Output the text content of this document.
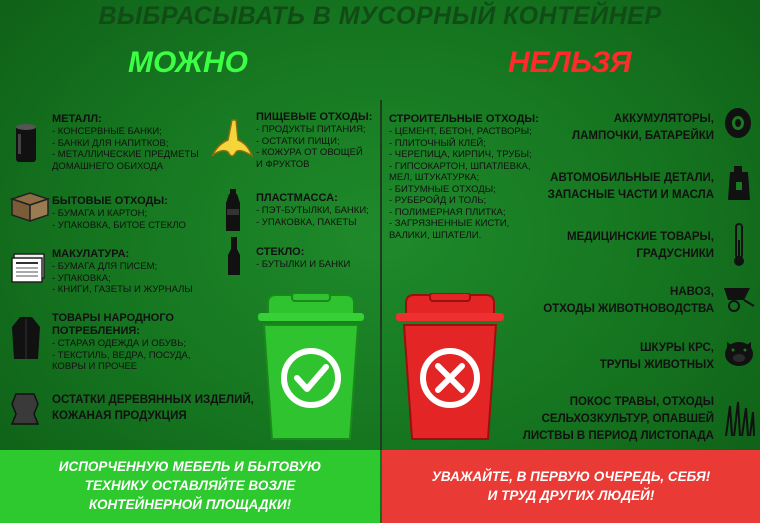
ВЫБРАСЫВАТЬ В МУСОРНЫЙ КОНТЕЙНЕР
МОЖНО	НЕЛЬЗЯ
МЕТАЛЛ:
- КОНСЕРВНЫЕ БАНКИ;
- БАНКИ ДЛЯ НАПИТКОВ;
- МЕТАЛЛИЧЕСКИЕ ПРЕДМЕТЫ
ДОМАШНЕГО ОБИХОДА
БЫТОВЫЕ ОТХОДЫ:
- БУМАГА И КАРТОН;
- УПАКОВКА, БИТОЕ СТЕКЛО
МАКУЛАТУРА:
- БУМАГА ДЛЯ ПИСЕМ;
- УПАКОВКА;
- КНИГИ, ГАЗЕТЫ И ЖУРНАЛЫ
ТОВАРЫ НАРОДНОГО ПОТРЕБЛЕНИЯ:
- СТАРАЯ ОДЕЖДА И ОБУВЬ;
- ТЕКСТИЛЬ, ВЕДРА, ПОСУДА,
КОВРЫ И ПРОЧЕЕ
ОСТАТКИ ДЕРЕВЯННЫХ ИЗДЕЛИЙ, КОЖАНАЯ ПРОДУКЦИЯ
ПИЩЕВЫЕ ОТХОДЫ:
- ПРОДУКТЫ ПИТАНИЯ;
- ОСТАТКИ ПИЩИ;
- КОЖУРА ОТ ОВОЩЕЙ
И ФРУКТОВ
ПЛАСТМАССА:
- ПЭТ-БУТЫЛКИ, БАНКИ;
- УПАКОВКА, ПАКЕТЫ
СТЕКЛО:
- БУТЫЛКИ И БАНКИ
СТРОИТЕЛЬНЫЕ ОТХОДЫ:
- ЦЕМЕНТ, БЕТОН, РАСТВОРЫ;
- ПЛИТОЧНЫЙ КЛЕЙ;
- ЧЕРЕПИЦА, КИРПИЧ, ТРУБЫ;
- ГИПСОКАРТОН, ШПАТЛЕВКА,
МЕЛ, ШТУКАТУРКА;
- БИТУМНЫЕ ОТХОДЫ;
- РУБЕРОЙД И ТОЛЬ;
- ПОЛИМЕРНАЯ ПЛИТКА;
- ЗАГРЯЗНЕННЫЕ КИСТИ,
ВАЛИКИ, ШПАТЕЛИ.
АККУМУЛЯТОРЫ,
ЛАМПОЧКИ, БАТАРЕЙКИ
АВТОМОБИЛЬНЫЕ ДЕТАЛИ,
ЗАПАСНЫЕ ЧАСТИ И МАСЛА
МЕДИЦИНСКИЕ ТОВАРЫ,
ГРАДУСНИКИ
НАВОЗ,
ОТХОДЫ ЖИВОТНОВОДСТВА
ШКУРЫ КРС,
ТРУПЫ ЖИВОТНЫХ
ПОКОС ТРАВЫ, ОТХОДЫ
СЕЛЬХОЗКУЛЬТУР, ОПАВШЕЙ
ЛИСТВЫ В ПЕРИОД ЛИСТОПАДА
ИСПОРЧЕННУЮ МЕБЕЛЬ И БЫТОВУЮ
ТЕХНИКУ ОСТАВЛЯЙТЕ ВОЗЛЕ
КОНТЕЙНЕРНОЙ ПЛОЩАДКИ!
УВАЖАЙТЕ, В ПЕРВУЮ ОЧЕРЕДЬ, СЕБЯ!
И ТРУД ДРУГИХ ЛЮДЕЙ!
